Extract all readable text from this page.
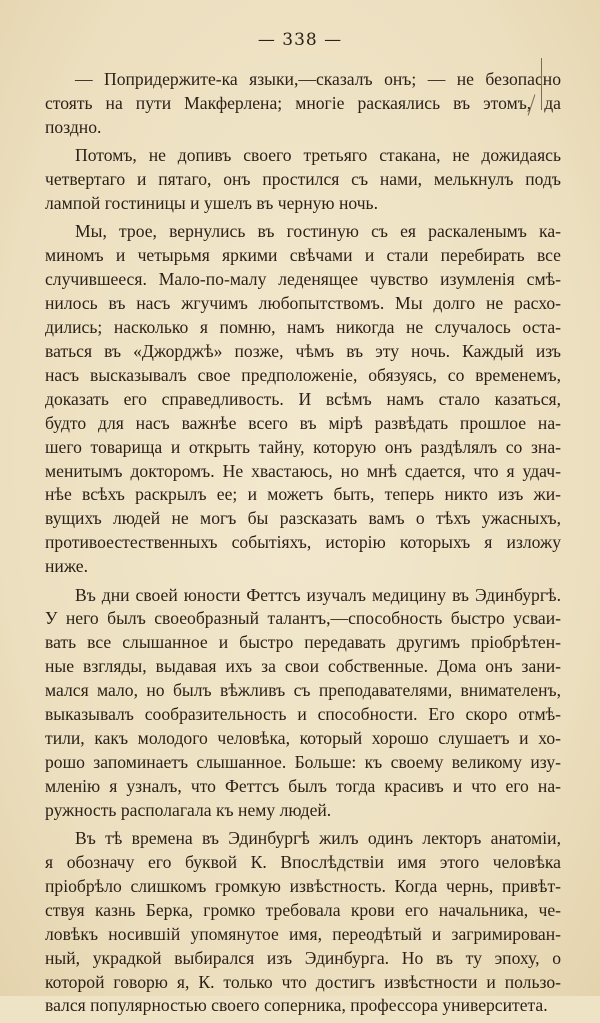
— 338 —
— Попридержите-ка языки,—сказалъ онъ; — не безопасно
стоять на пути Макферлена; многіе раскаялись въ этомъ, да
поздно.
Потомъ, не допивъ своего третьяго стакана, не дожидаясь
четвертаго и пятаго, онъ простился съ нами, мелькнулъ подъ
лампой гостиницы и ушелъ въ черную ночь.
Мы, трое, вернулись въ гостиную съ ея раскаленымъ ка-
миномъ и четырьмя яркими свѣчами и стали перебирать все
случившееся. Мало-по-малу леденящее чувство изумленія смѣ-
нилось въ насъ жгучимъ любопытствомъ. Мы долго не расхо-
дились; насколько я помню, намъ никогда не случалось оста-
ваться въ «Джорджѣ» позже, чѣмъ въ эту ночь. Каждый изъ
насъ высказывалъ свое предположеніе, обязуясь, со временемъ,
доказать его справедливость. И всѣмъ намъ стало казаться,
будто для насъ важнѣе всего въ мірѣ развѣдать прошлое на-
шего товарища и открыть тайну, которую онъ раздѣлялъ со зна-
менитымъ докторомъ. Не хвастаюсь, но мнѣ сдается, что я удач-
нѣе всѣхъ раскрылъ ее; и можетъ быть, теперь никто изъ жи-
вущихъ людей не могъ бы разсказать вамъ о тѣхъ ужасныхъ,
противоестественныхъ событіяхъ, исторію которыхъ я изложу
ниже.
Въ дни своей юности Феттсъ изучалъ медицину въ Эдинбургѣ.
У него былъ своеобразный талантъ,—способность быстро усваи-
вать все слышанное и быстро передавать другимъ пріобрѣтен-
ные взгляды, выдавая ихъ за свои собственные. Дома онъ зани-
мался мало, но былъ вѣжливъ съ преподавателями, внимателенъ,
выказывалъ сообразительность и способности. Его скоро отмѣ-
тили, какъ молодого человѣка, который хорошо слушаетъ и хо-
рошо запоминаетъ слышанное. Больше: къ своему великому изу-
мленію я узналъ, что Феттсъ былъ тогда красивъ и что его на-
ружность располагала къ нему людей.
Въ тѣ времена въ Эдинбургѣ жилъ одинъ лекторъ анатоміи,
я обозначу его буквой К. Впослѣдствіи имя этого человѣка
пріобрѣло слишкомъ громкую извѣстность. Когда чернь, привѣт-
ствуя казнь Берка, громко требовала крови его начальника, че-
ловѣкъ носившій упомянутое имя, переодѣтый и загримирован-
ный, украдкой выбирался изъ Эдинбурга. Но въ ту эпоху, о
которой говорю я, К. только что достигъ извѣстности и пользо-
вался популярностью своего соперника, профессора университета.
